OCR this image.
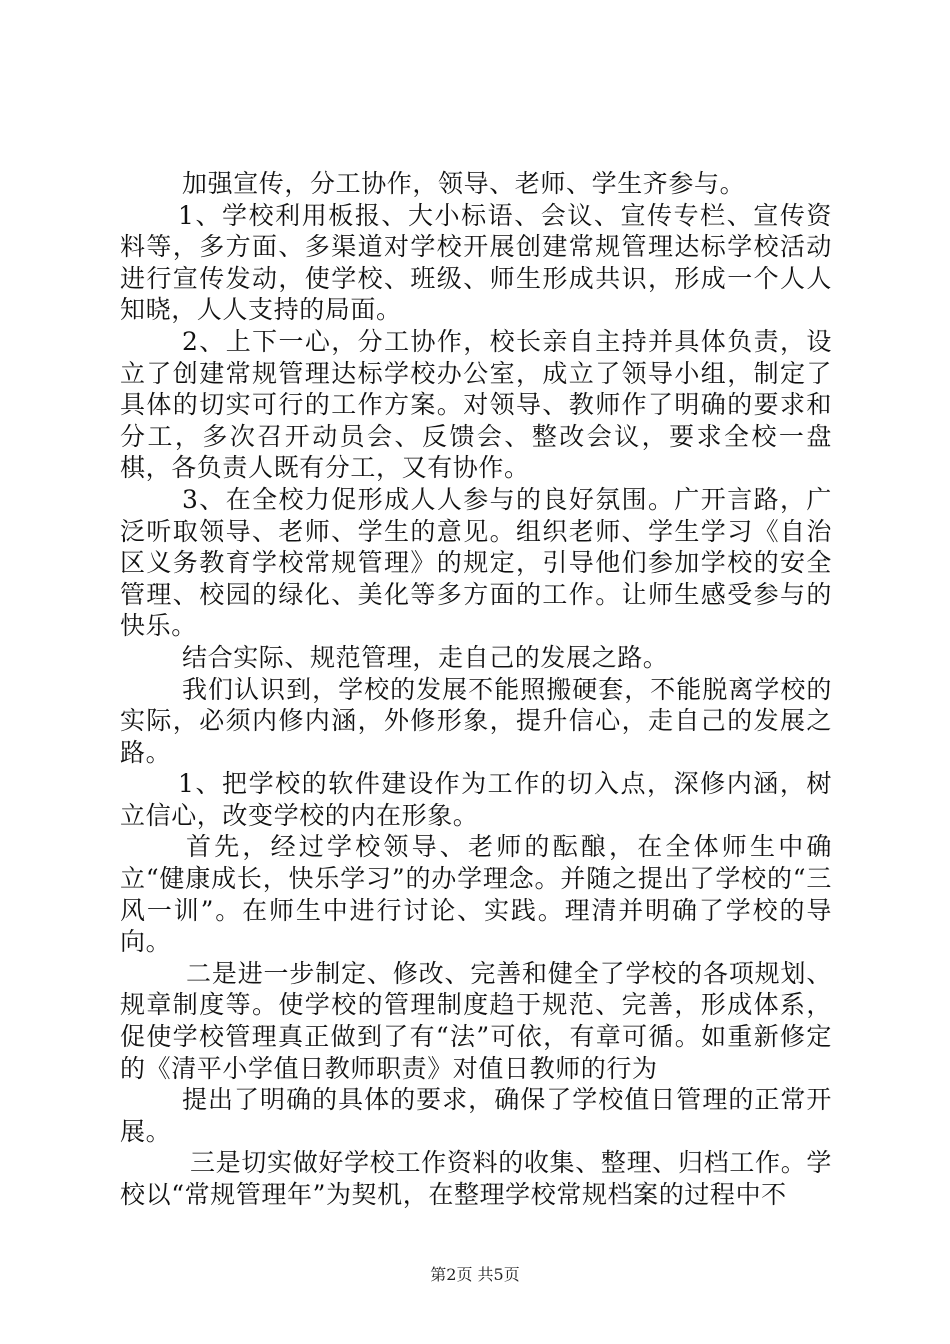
加强宣传，分工协作，领导、老师、学生齐参与。

1、学校利用板报、大小标语、会议、宣传专栏、宣传资料等，多方面、多渠道对学校开展创建常规管理达标学校活动进行宣传发动，使学校、班级、师生形成共识，形成一个人人知晓，人人支持的局面。

2、上下一心，分工协作，校长亲自主持并具体负责，设立了创建常规管理达标学校办公室，成立了领导小组，制定了具体的切实可行的工作方案。对领导、教师作了明确的要求和分工，多次召开动员会、反馈会、整改会议，要求全校一盘棋，各负责人既有分工，又有协作。

3、在全校力促形成人人参与的良好氛围。广开言路，广泛听取领导、老师、学生的意见。组织老师、学生学习《自治区义务教育学校常规管理》的规定，引导他们参加学校的安全管理、校园的绿化、美化等多方面的工作。让师生感受参与的快乐。

结合实际、规范管理，走自己的发展之路。

我们认识到，学校的发展不能照搬硬套，不能脱离学校的实际，必须内修内涵，外修形象，提升信心，走自己的发展之路。

1、把学校的软件建设作为工作的切入点，深修内涵，树立信心，改变学校的内在形象。

首先，经过学校领导、老师的酝酿，在全体师生中确立“健康成长，快乐学习”的办学理念。并随之提出了学校的“三风一训”。在师生中进行讨论、实践。理清并明确了学校的导向。

二是进一步制定、修改、完善和健全了学校的各项规划、规章制度等。使学校的管理制度趋于规范、完善，形成体系，促使学校管理真正做到了有“法”可依，有章可循。如重新修定的《清平小学值日教师职责》对值日教师的行为

提出了明确的具体的要求，确保了学校值日管理的正常开展。

三是切实做好学校工作资料的收集、整理、归档工作。学校以“常规管理年”为契机，在整理学校常规档案的过程中不

第2页 共5页
